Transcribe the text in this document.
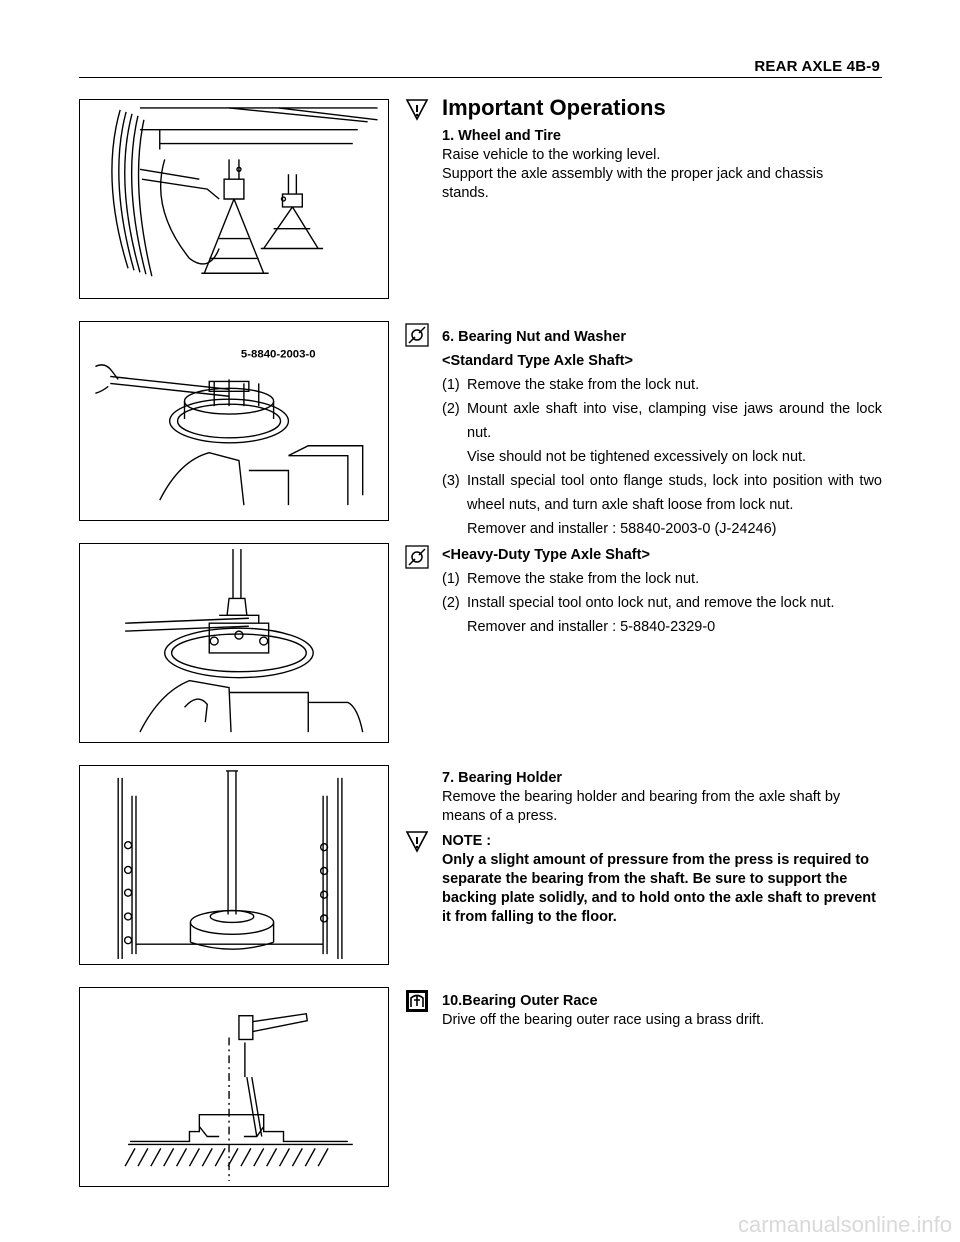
REAR AXLE 4B-9
Important Operations
1. Wheel and Tire
Raise vehicle to the working level.
Support the axle assembly with the proper jack and chassis stands.
5-8840-2003-0
6. Bearing Nut and Washer
<Standard Type Axle Shaft>
(1) Remove the stake from the lock nut.
(2) Mount axle shaft into vise, clamping vise jaws around the lock nut.
Vise should not be tightened excessively on lock nut.
(3) Install special tool onto flange studs, lock into position with two wheel nuts, and turn axle shaft loose from lock nut.
Remover and installer : 58840-2003-0 (J-24246)
<Heavy-Duty Type Axle Shaft>
(1) Remove the stake from the lock nut.
(2) Install special tool onto lock nut, and remove the lock nut.
Remover and installer : 5-8840-2329-0
7. Bearing Holder
Remove the bearing holder and bearing from the axle shaft by means of a press.
NOTE :
Only a slight amount of pressure from the press is required to separate the bearing from the shaft. Be sure to support the backing plate solidly, and to hold onto the axle shaft to prevent it from falling to the floor.
10.Bearing Outer Race
Drive off the bearing outer race using a brass drift.
carmanualsonline.info
